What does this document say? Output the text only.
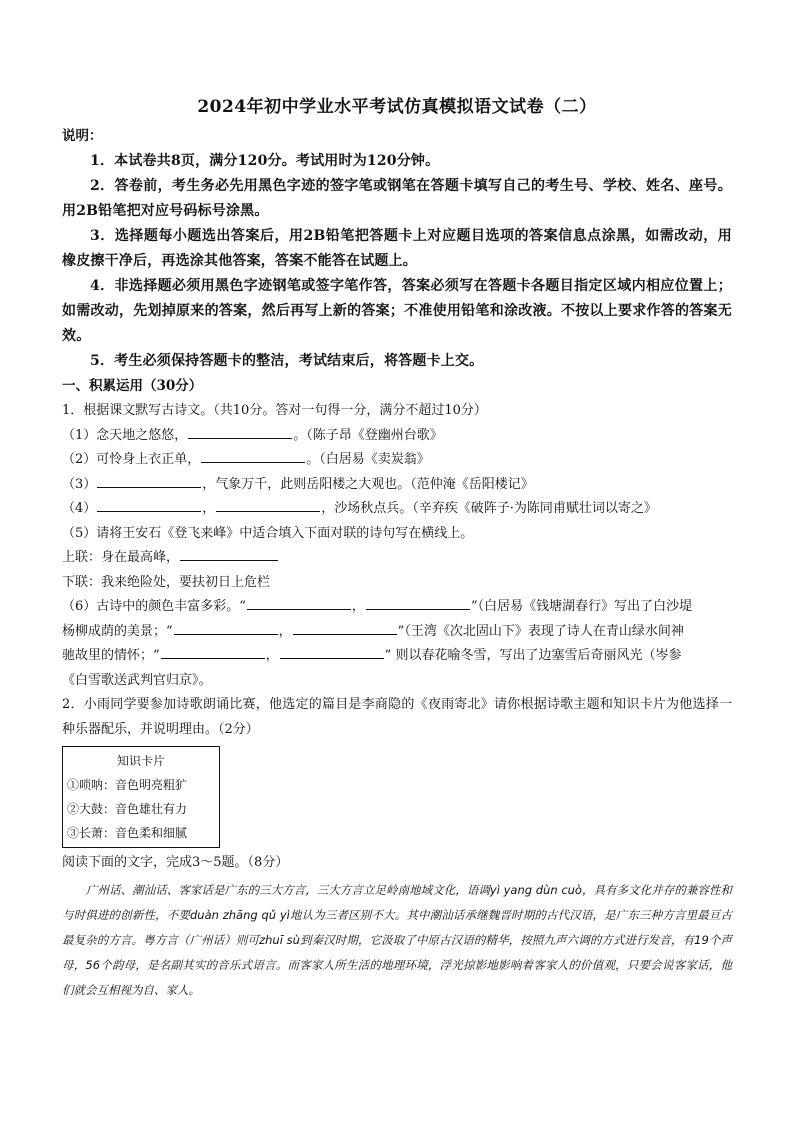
2024年初中学业水平考试仿真模拟语文试卷（二）
说明：
1．本试卷共8页，满分120分。考试用时为120分钟。
2．答卷前，考生务必先用黑色字迹的签字笔或钢笔在答题卡填写自己的考生号、学校、姓名、座号。用2B铅笔把对应号码标号涂黑。
3．选择题每小题选出答案后，用2B铅笔把答题卡上对应题目选项的答案信息点涂黑，如需改动，用橡皮擦干净后，再选涂其他答案，答案不能答在试题上。
4．非选择题必须用黑色字迹钢笔或签字笔作答，答案必须写在答题卡各题目指定区域内相应位置上；如需改动，先划掉原来的答案，然后再写上新的答案；不准使用铅笔和涂改液。不按以上要求作答的答案无效。
5．考生必须保持答题卡的整洁，考试结束后，将答题卡上交。
一、积累运用（30分）
1．根据课文默写古诗文。（共10分。答对一句得一分，满分不超过10分）
（1）念天地之悠悠，	。（陈子昂《登幽州台歌》
（2）可怜身上衣正单，	。（白居易《卖炭翁》
（3）	，气象万千，此则岳阳楼之大观也。（范仲淹《岳阳楼记》
（4）	，	，沙场秋点兵。（辛弃疾《破阵子·为陈同甫赋壮词以寄之》
（5）请将王安石《登飞来峰》中适合填入下面对联的诗句写在横线上。
上联：身在最高峰，
下联：我来绝险处，要扶初日上危栏
（6）古诗中的颜色丰富多彩。“	，	”（白居易《钱塘湖春行》写出了白沙堤
杨柳成荫的美景；“	，	”（王湾《次北固山下》表现了诗人在青山绿水间神
驰故里的情怀；“	，	” 则以春花喻冬雪，写出了边塞雪后奇丽风光（岑参
《白雪歌送武判官归京》。
2．小雨同学要参加诗歌朗诵比赛，他选定的篇目是李商隐的《夜雨寄北》请你根据诗歌主题和知识卡片为他选择一种乐器配乐，并说明理由。（2分）
知识卡片
①唢呐：音色明亮粗犷
②大鼓：音色雄壮有力
③长萧：音色柔和细腻
阅读下面的文字，完成3～5题。（8分）
广州话、潮汕话、客家话是广东的三大方言，三大方言立足岭南地域文化，语调yì yang dùn cuò，具有多文化并存的兼容性和与时俱进的创新性，不要duàn zhāng qǔ yì地认为三者区别不大。其中潮汕话承继魏晋时期的古代汉语，是广东三种方言里最亘古最复杂的方言。粤方言（广州话）则可zhuī sù到秦汉时期，它汲取了中原古汉语的精华，按照九声六调的方式进行发音，有19个声母，56个韵母，是名副其实的音乐式语言。而客家人所生活的地理环境，浮光掠影地影响着客家人的价值观，只要会说客家话，他们就会互相视为自、家人。
